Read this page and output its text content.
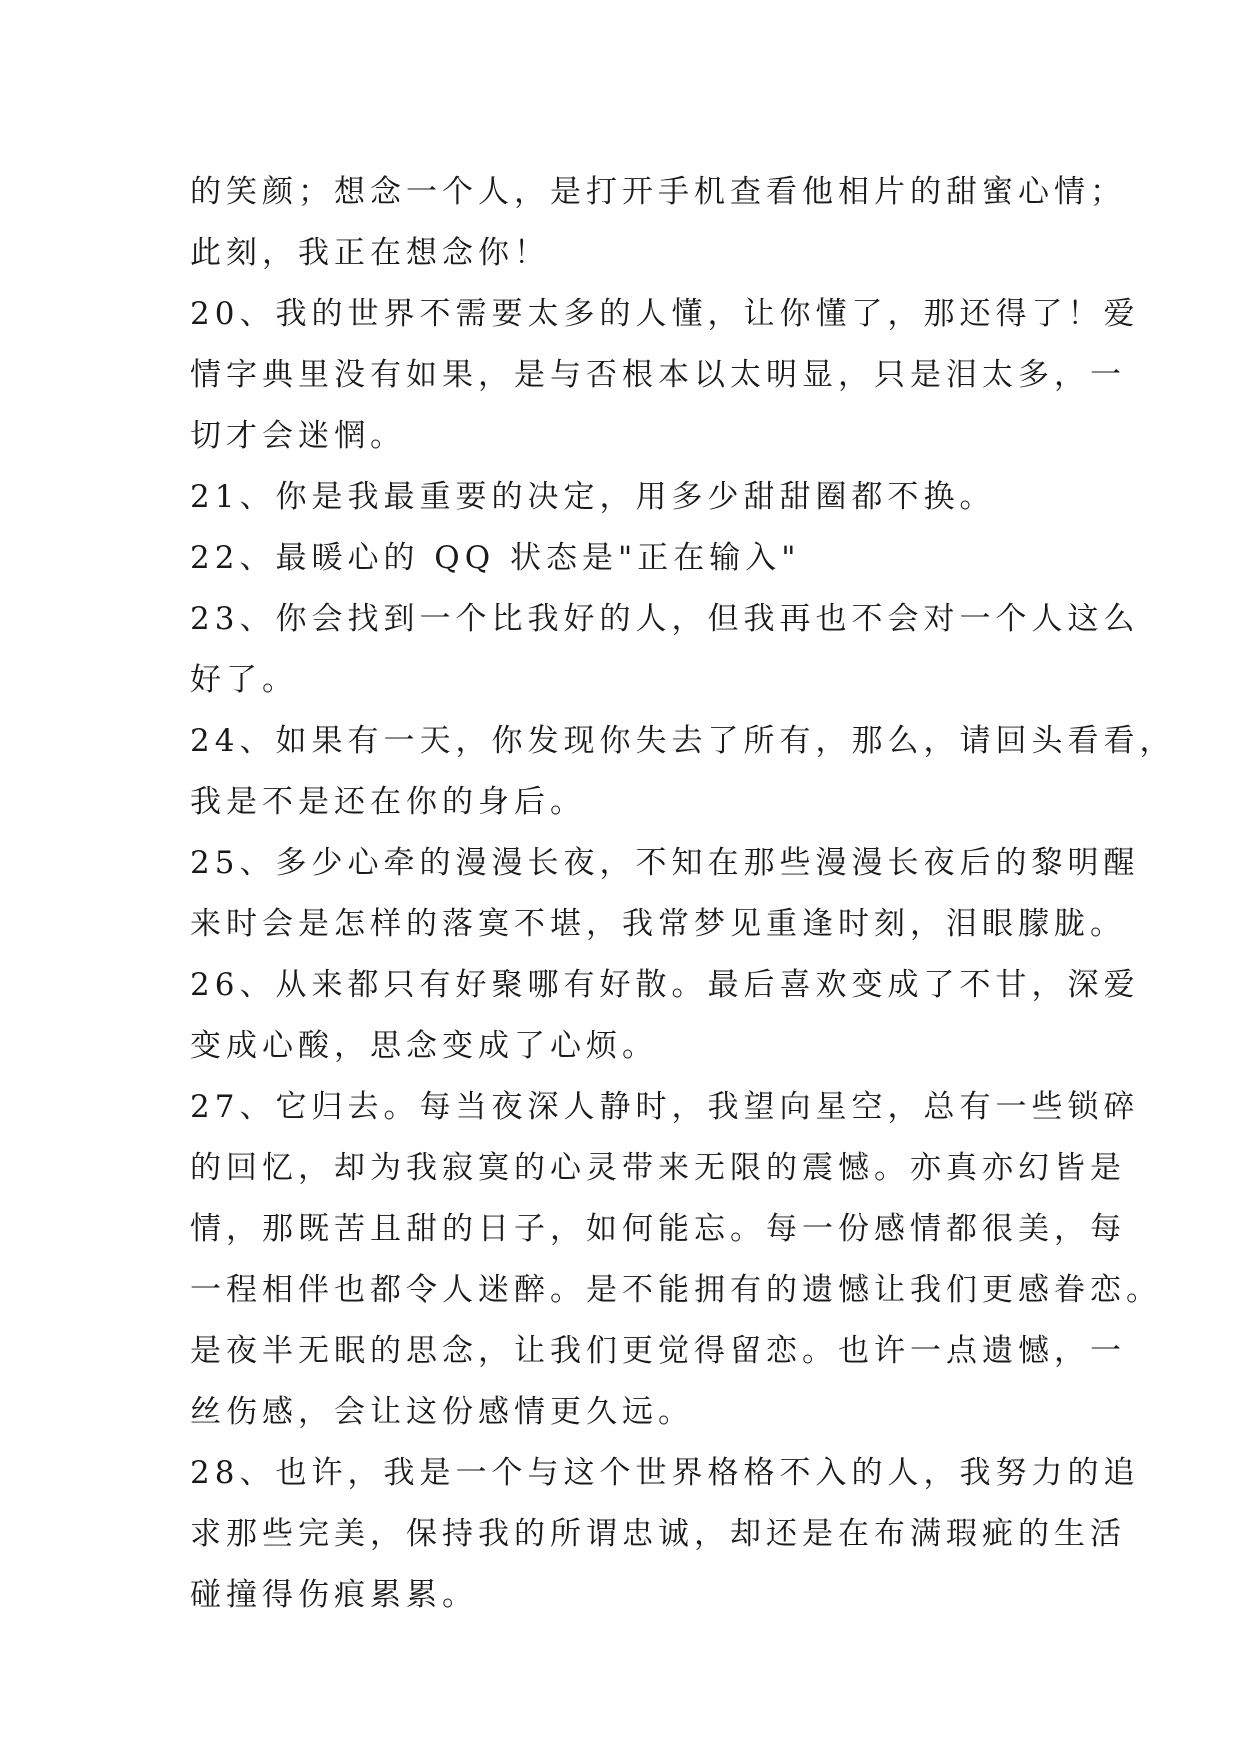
的笑颜；想念一个人，是打开手机查看他相片的甜蜜心情；
此刻，我正在想念你！
20、我的世界不需要太多的人懂，让你懂了，那还得了！爱
情字典里没有如果，是与否根本以太明显，只是泪太多，一
切才会迷惘。
21、你是我最重要的决定，用多少甜甜圈都不换。
22、最暖心的 QQ 状态是"正在输入"
23、你会找到一个比我好的人，但我再也不会对一个人这么
好了。
24、如果有一天，你发现你失去了所有，那么，请回头看看，
我是不是还在你的身后。
25、多少心牵的漫漫长夜，不知在那些漫漫长夜后的黎明醒
来时会是怎样的落寞不堪，我常梦见重逢时刻，泪眼朦胧。
26、从来都只有好聚哪有好散。最后喜欢变成了不甘，深爱
变成心酸，思念变成了心烦。
27、它归去。每当夜深人静时，我望向星空，总有一些锁碎
的回忆，却为我寂寞的心灵带来无限的震憾。亦真亦幻皆是
情，那既苦且甜的日子，如何能忘。每一份感情都很美，每
一程相伴也都令人迷醉。是不能拥有的遗憾让我们更感眷恋。
是夜半无眠的思念，让我们更觉得留恋。也许一点遗憾，一
丝伤感，会让这份感情更久远。
28、也许，我是一个与这个世界格格不入的人，我努力的追
求那些完美，保持我的所谓忠诚，却还是在布满瑕疵的生活
碰撞得伤痕累累。
